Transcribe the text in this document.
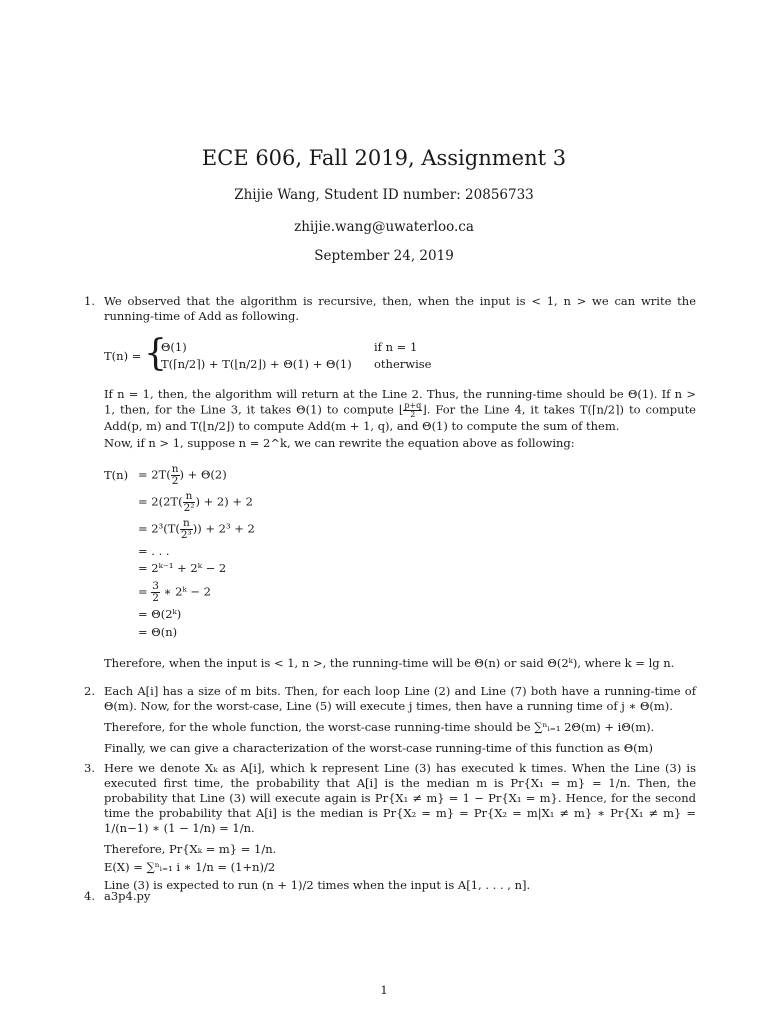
ECE 606, Fall 2019, Assignment 3
Zhijie Wang, Student ID number: 20856733
zhijie.wang@uwaterloo.ca
September 24, 2019
1. We observed that the algorithm is recursive, then, when the input is < 1, n > we can write the running-time of Add as following.

T(n) = {
Θ(1)	if n = 1
T(⌈n/2⌉) + T(⌊n/2⌋) + Θ(1) + Θ(1) otherwise

If n = 1, then, the algorithm will return at the Line 2. Thus, the running-time should be Θ(1). If n > 1, then, for the Line 3, it takes Θ(1) to compute ⌊ $\frac{p+q}{2}$ ⌋. For the Line 4, it takes T(⌈n/2⌉) to compute Add(p, m) and T(⌊n/2⌋) to compute Add(m + 1, q), and Θ(1) to compute the sum of them.

Now, if n > 1, suppose n = 2^k, we can rewrite the equation above as following:

$T(n) = 2T( \frac{n}{2}$ ) + Θ(2)
= $2(2T( \frac{n}{\text{2²}}$ ) + 2) + 2
= $2^3(T( \frac{n}{\text{2³}}$ )) + 2³ + 2
= . . .
= 2ᵏ⁻¹ + 2ᵏ − 2
= $\frac{3}{2}$ ∗ 2ᵏ − 2
= Θ(2ᵏ)
= Θ(n)

Therefore, when the input is < 1, n >, the running-time will be Θ(n) or said Θ(2ᵏ), where k = lg n.

2. Each A[i] has a size of m bits. Then, for each loop Line (2) and Line (7) both have a running-time of Θ(m). Now, for the worst-case, Line (5) will execute j times, then have a running time of j ∗ Θ(m).

Therefore, for the whole function, the worst-case running-time should be ∑ⁿᵢ₌₁ 2Θ(m) + iΘ(m).

Finally, we can give a characterization of the worst-case running-time of this function as Θ(m)

3. Here we denote Xₖ as A[i], which k represent Line (3) has executed k times. When the Line (3) is executed first time, the probability that A[i] is the median m is Pr{X₁ = m} = 1/n. Then, the probability that Line (3) will execute again is Pr{X₁ ≠ m} = 1 − Pr{X₁ = m}. Hence, for the second time the probability that A[i] is the median is Pr{X₂ = m} = Pr{X₂ = m|X₁ ≠ m} ∗ Pr{X₁ ≠ m} = 1/(n−1) ∗ (1 − 1/n) = 1/n.

Therefore, Pr{Xₖ = m} = 1/n.

E(X) = ∑ⁿᵢ₌₁ i ∗ 1/n = (1+n)/2

Line (3) is expected to run (n + 1)/2 times when the input is A[1, . . . , n].

4. a3p4.py

1
